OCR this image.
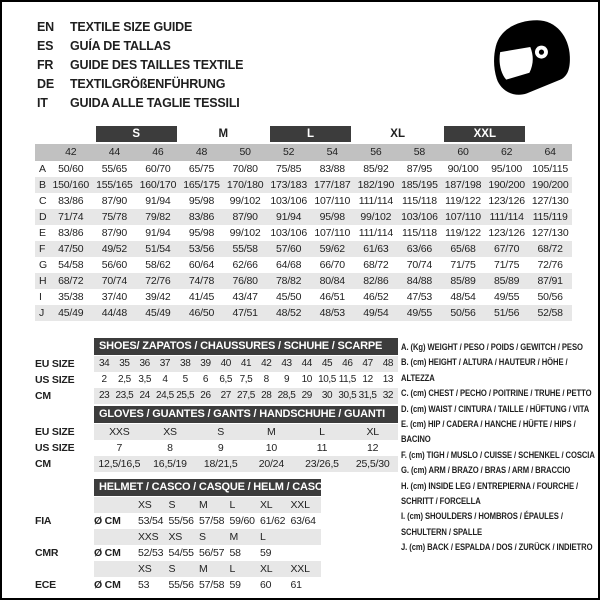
EN	TEXTILE SIZE GUIDE
ES	GUÍA DE TALLAS
FR	GUIDE DES TAILLES TEXTILE
DE	TEXTILGRÖßENFÜHRUNG
IT	GUIDA ALLE TAGLIE TESSILI
S	M	L	XL	XXL
42	44	46	48	50	52	54	56	58	60	62	64
A	50/60	55/65	60/70	65/75	70/80	75/85	83/88	85/92	87/95	90/100	95/100 105/115
B 150/160 155/165 160/170 165/175 170/180 173/183 177/187 182/190 185/195 187/198 190/200 190/200
C	83/86	87/90	91/94	95/98	99/102 103/106 107/110 111/114 115/118 119/122 123/126 127/130
D	71/74	75/78	79/82	83/86	87/90	91/94	95/98	99/102 103/106 107/110 111/114 115/119
E	83/86	87/90	91/94	95/98	99/102 103/106 107/110 111/114 115/118 119/122 123/126 127/130
F	47/50	49/52	51/54	53/56	55/58	57/60	59/62	61/63	63/66	65/68	67/70	68/72
G	54/58	56/60	58/62	60/64	62/66	64/68	66/70	68/72	70/74	71/75	71/75	72/76
H	68/72	70/74	72/76	74/78	76/80	78/82	80/84	82/86	84/88	85/89	85/89	87/91
I	35/38	37/40	39/42	41/45	43/47	45/50	46/51	46/52	47/53	48/54	49/55	50/56
J	45/49	44/48	45/49	46/50	47/51	48/52	48/53	49/54	49/55	50/56	51/56	52/58
SHOES/ ZAPATOS / CHAUSSURES / SCHUHE / SCARPE
EU SIZE	34 35 36 37 38 39 40 41 42 43 44 45 46 47 48
US SIZE	2	2,5 3,5	4	5	6	6,5 7,5	8	9	10 10,5 11,5 12 13
CM	23 23,5 24 24,5 25,5 26 27 27,5 28 28,5 29 30 30,5 31,5 32
GLOVES / GUANTES / GANTS / HANDSCHUHE / GUANTI
EU SIZE	XXS	XS	S	M	L	XL
US SIZE	7	8	9	10	11	12
CM	12,5/16,5	16,5/19	18/21,5	20/24	23/26,5	25,5/30
HELMET / CASCO / CASQUE / HELM / CASCO
XS	S	M	L	XL	XXL
FIA	Ø CM	53/54 55/56 57/58 59/60 61/62 63/64
XXS XS	S	M	L
CMR	Ø CM	52/53 54/55 56/57 58	59
XS	S	M	L	XL	XXL
ECE	Ø CM	53	55/56 57/58 59	60	61
A. (Kg) WEIGHT / PESO / POIDS / GEWITCH / PESO
B. (cm) HEIGHT / ALTURA / HAUTEUR / HÖHE / ALTEZZA
C. (cm) CHEST / PECHO / POITRINE / TRUHE / PETTO
D. (cm) WAIST / CINTURA / TAILLE / HÜFTUNG / VITA
E. (cm) HIP / CADERA / HANCHE / HÜFTE / HIPS / BACINO
F. (cm) TIGH / MUSLO / CUISSE / SCHENKEL / COSCIA
G. (cm) ARM / BRAZO / BRAS / ARM / BRACCIO
H. (cm) INSIDE LEG / ENTREPIERNA / FOURCHE / SCHRITT / FORCELLA
I. (cm) SHOULDERS / HOMBROS / ÉPAULES / SCHULTERN / SPALLE
J. (cm) BACK / ESPALDA / DOS / ZURÜCK / INDIETRO
